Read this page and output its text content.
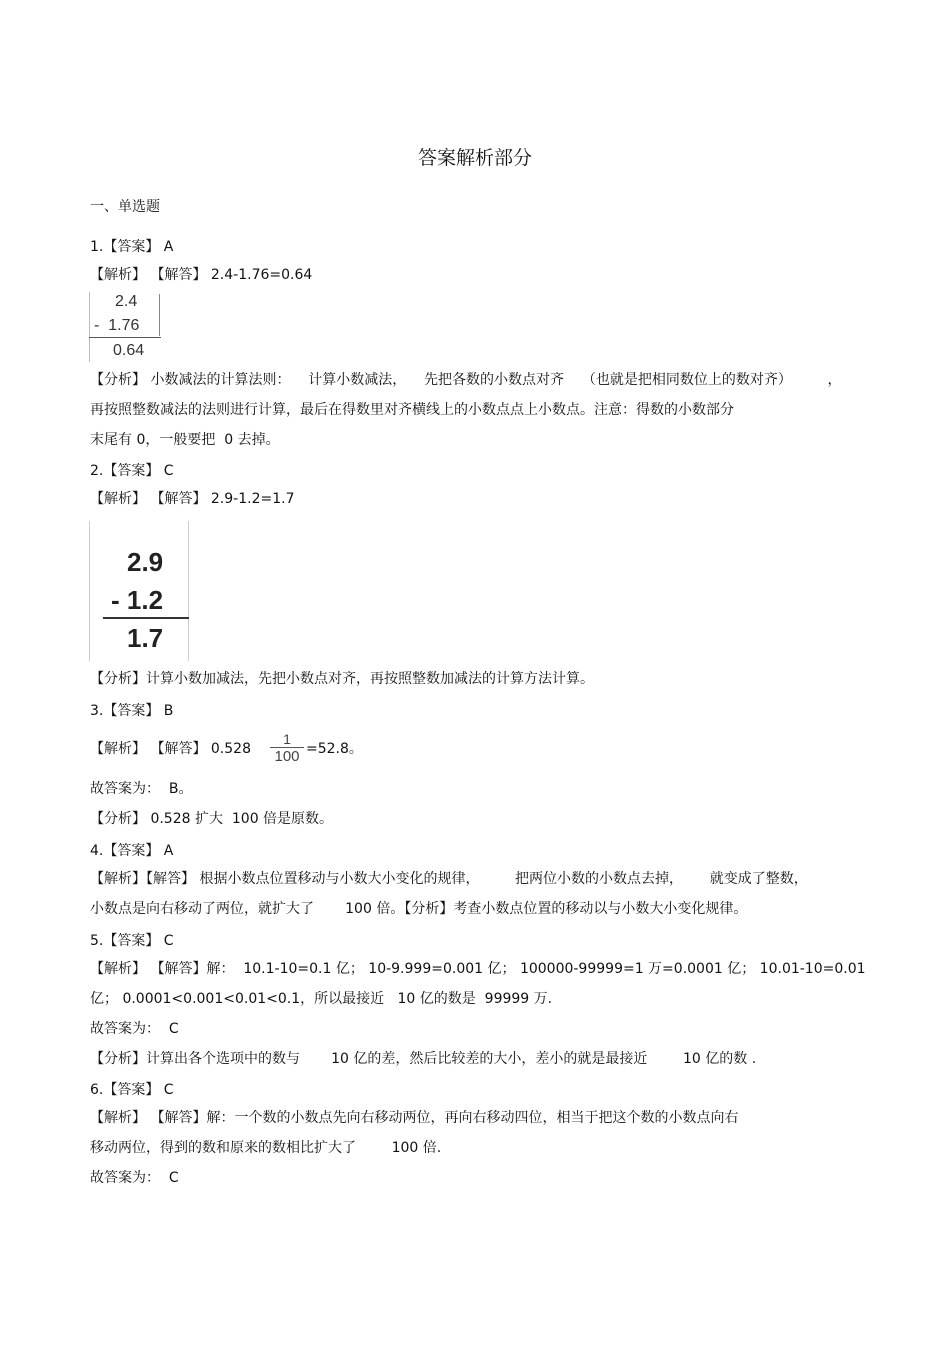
答案解析部分
一、单选题
1.【答案】 A
【解析】 【解答】 2.4-1.76=0.64
2.4
-  1.76
0.64
【分析】 小数减法的计算法则：    计算小数减法，    先把各数的小数点对齐    （也就是把相同数位上的数对齐）        ，
再按照整数减法的法则进行计算，最后在得数里对齐横线上的小数点点上小数点。注意：得数的小数部分
末尾有 0，一般要把  0 去掉。
2.【答案】 C
【解析】 【解答】 2.9-1.2=1.7
2.9
- 1.2
1.7
【分析】计算小数加减法，先把小数点对齐，再按照整数加减法的计算方法计算。
3.【答案】 B
【解析】 【解答】 0.528
1
100 =52.8。
故答案为：  B。
【分析】 0.528 扩大  100 倍是原数。
4.【答案】 A
【解析】【解答】 根据小数点位置移动与小数大小变化的规律，        把两位小数的小数点去掉，      就变成了整数，
小数点是向右移动了两位，就扩大了       100 倍。【分析】考查小数点位置的移动以与小数大小变化规律。
5.【答案】 C
【解析】 【解答】解：  10.1-10=0.1 亿； 10-9.999=0.001 亿； 100000-99999=1 万=0.0001 亿； 10.01-10=0.01
亿； 0.0001<0.001<0.01<0.1，所以最接近   10 亿的数是  99999 万.
故答案为：  C
【分析】计算出各个选项中的数与       10 亿的差，然后比较差的大小，差小的就是最接近        10 亿的数 .
6.【答案】 C
【解析】 【解答】解：一个数的小数点先向右移动两位，再向右移动四位，相当于把这个数的小数点向右
移动两位，得到的数和原来的数相比扩大了        100 倍.
故答案为：  C
